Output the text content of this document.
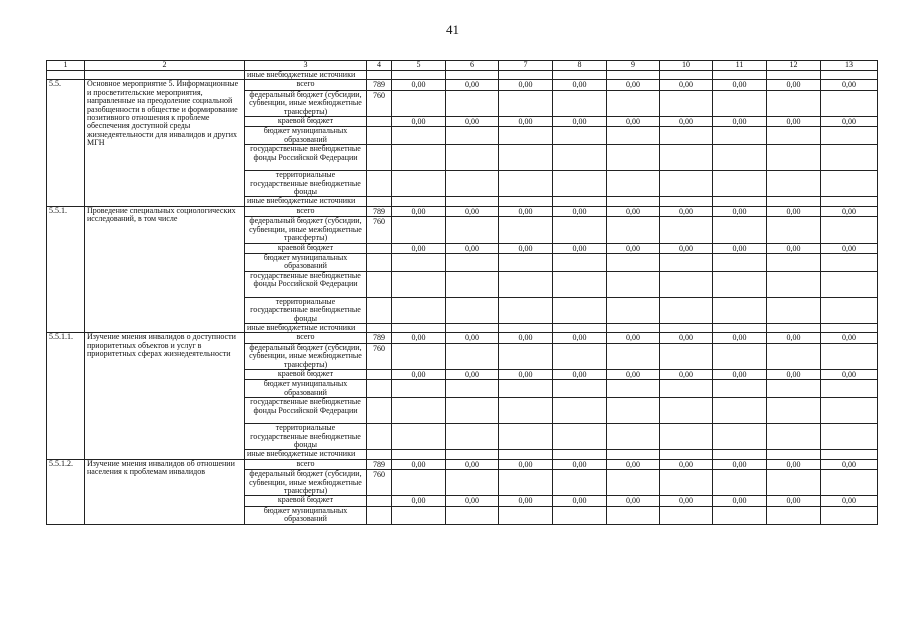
41
1	2	3	4	5	6	7	8	9	10	11	12	13
		иные внебюджетные источники										
5.5.	Основное мероприятие 5. Информационные и просветительские мероприятия, направленные на преодоление социальной разобщенности в обществе и формирование позитивного отношения к проблеме обеспечения доступной среды жизнедеятельности для инвалидов и других МГН	всего	789	0,00	0,00	0,00	0,00	0,00	0,00	0,00	0,00	0,00
		федеральный бюджет (субсидии, субвенции, иные межбюджетные трансферты)	760									
		краевой бюджет		0,00	0,00	0,00	0,00	0,00	0,00	0,00	0,00	0,00
		бюджет муниципальных образований										
		государственные внебюджетные фонды Российской Федерации										
		территориальные государственные внебюджетные фонды										
		иные внебюджетные источники										
5.5.1.	Проведение специальных социологических исследований, в том числе	всего	789	0,00	0,00	0,00	0,00	0,00	0,00	0,00	0,00	0,00
		федеральный бюджет (субсидии, субвенции, иные межбюджетные трансферты)	760									
		краевой бюджет		0,00	0,00	0,00	0,00	0,00	0,00	0,00	0,00	0,00
		бюджет муниципальных образований										
		государственные внебюджетные фонды Российской Федерации										
		территориальные государственные внебюджетные фонды										
		иные внебюджетные источники										
5.5.1.1.	Изучение мнения инвалидов о доступности приоритетных объектов и услуг в приоритетных сферах жизнедеятельности	всего	789	0,00	0,00	0,00	0,00	0,00	0,00	0,00	0,00	0,00
		федеральный бюджет (субсидии, субвенции, иные межбюджетные трансферты)	760									
		краевой бюджет		0,00	0,00	0,00	0,00	0,00	0,00	0,00	0,00	0,00
		бюджет муниципальных образований										
		государственные внебюджетные фонды Российской Федерации										
		территориальные государственные внебюджетные фонды										
		иные внебюджетные источники										
5.5.1.2.	Изучение мнения инвалидов об отношении населения к проблемам инвалидов	всего	789	0,00	0,00	0,00	0,00	0,00	0,00	0,00	0,00	0,00
		федеральный бюджет (субсидии, субвенции, иные межбюджетные трансферты)	760									
		краевой бюджет		0,00	0,00	0,00	0,00	0,00	0,00	0,00	0,00	0,00
		бюджет муниципальных образований										
